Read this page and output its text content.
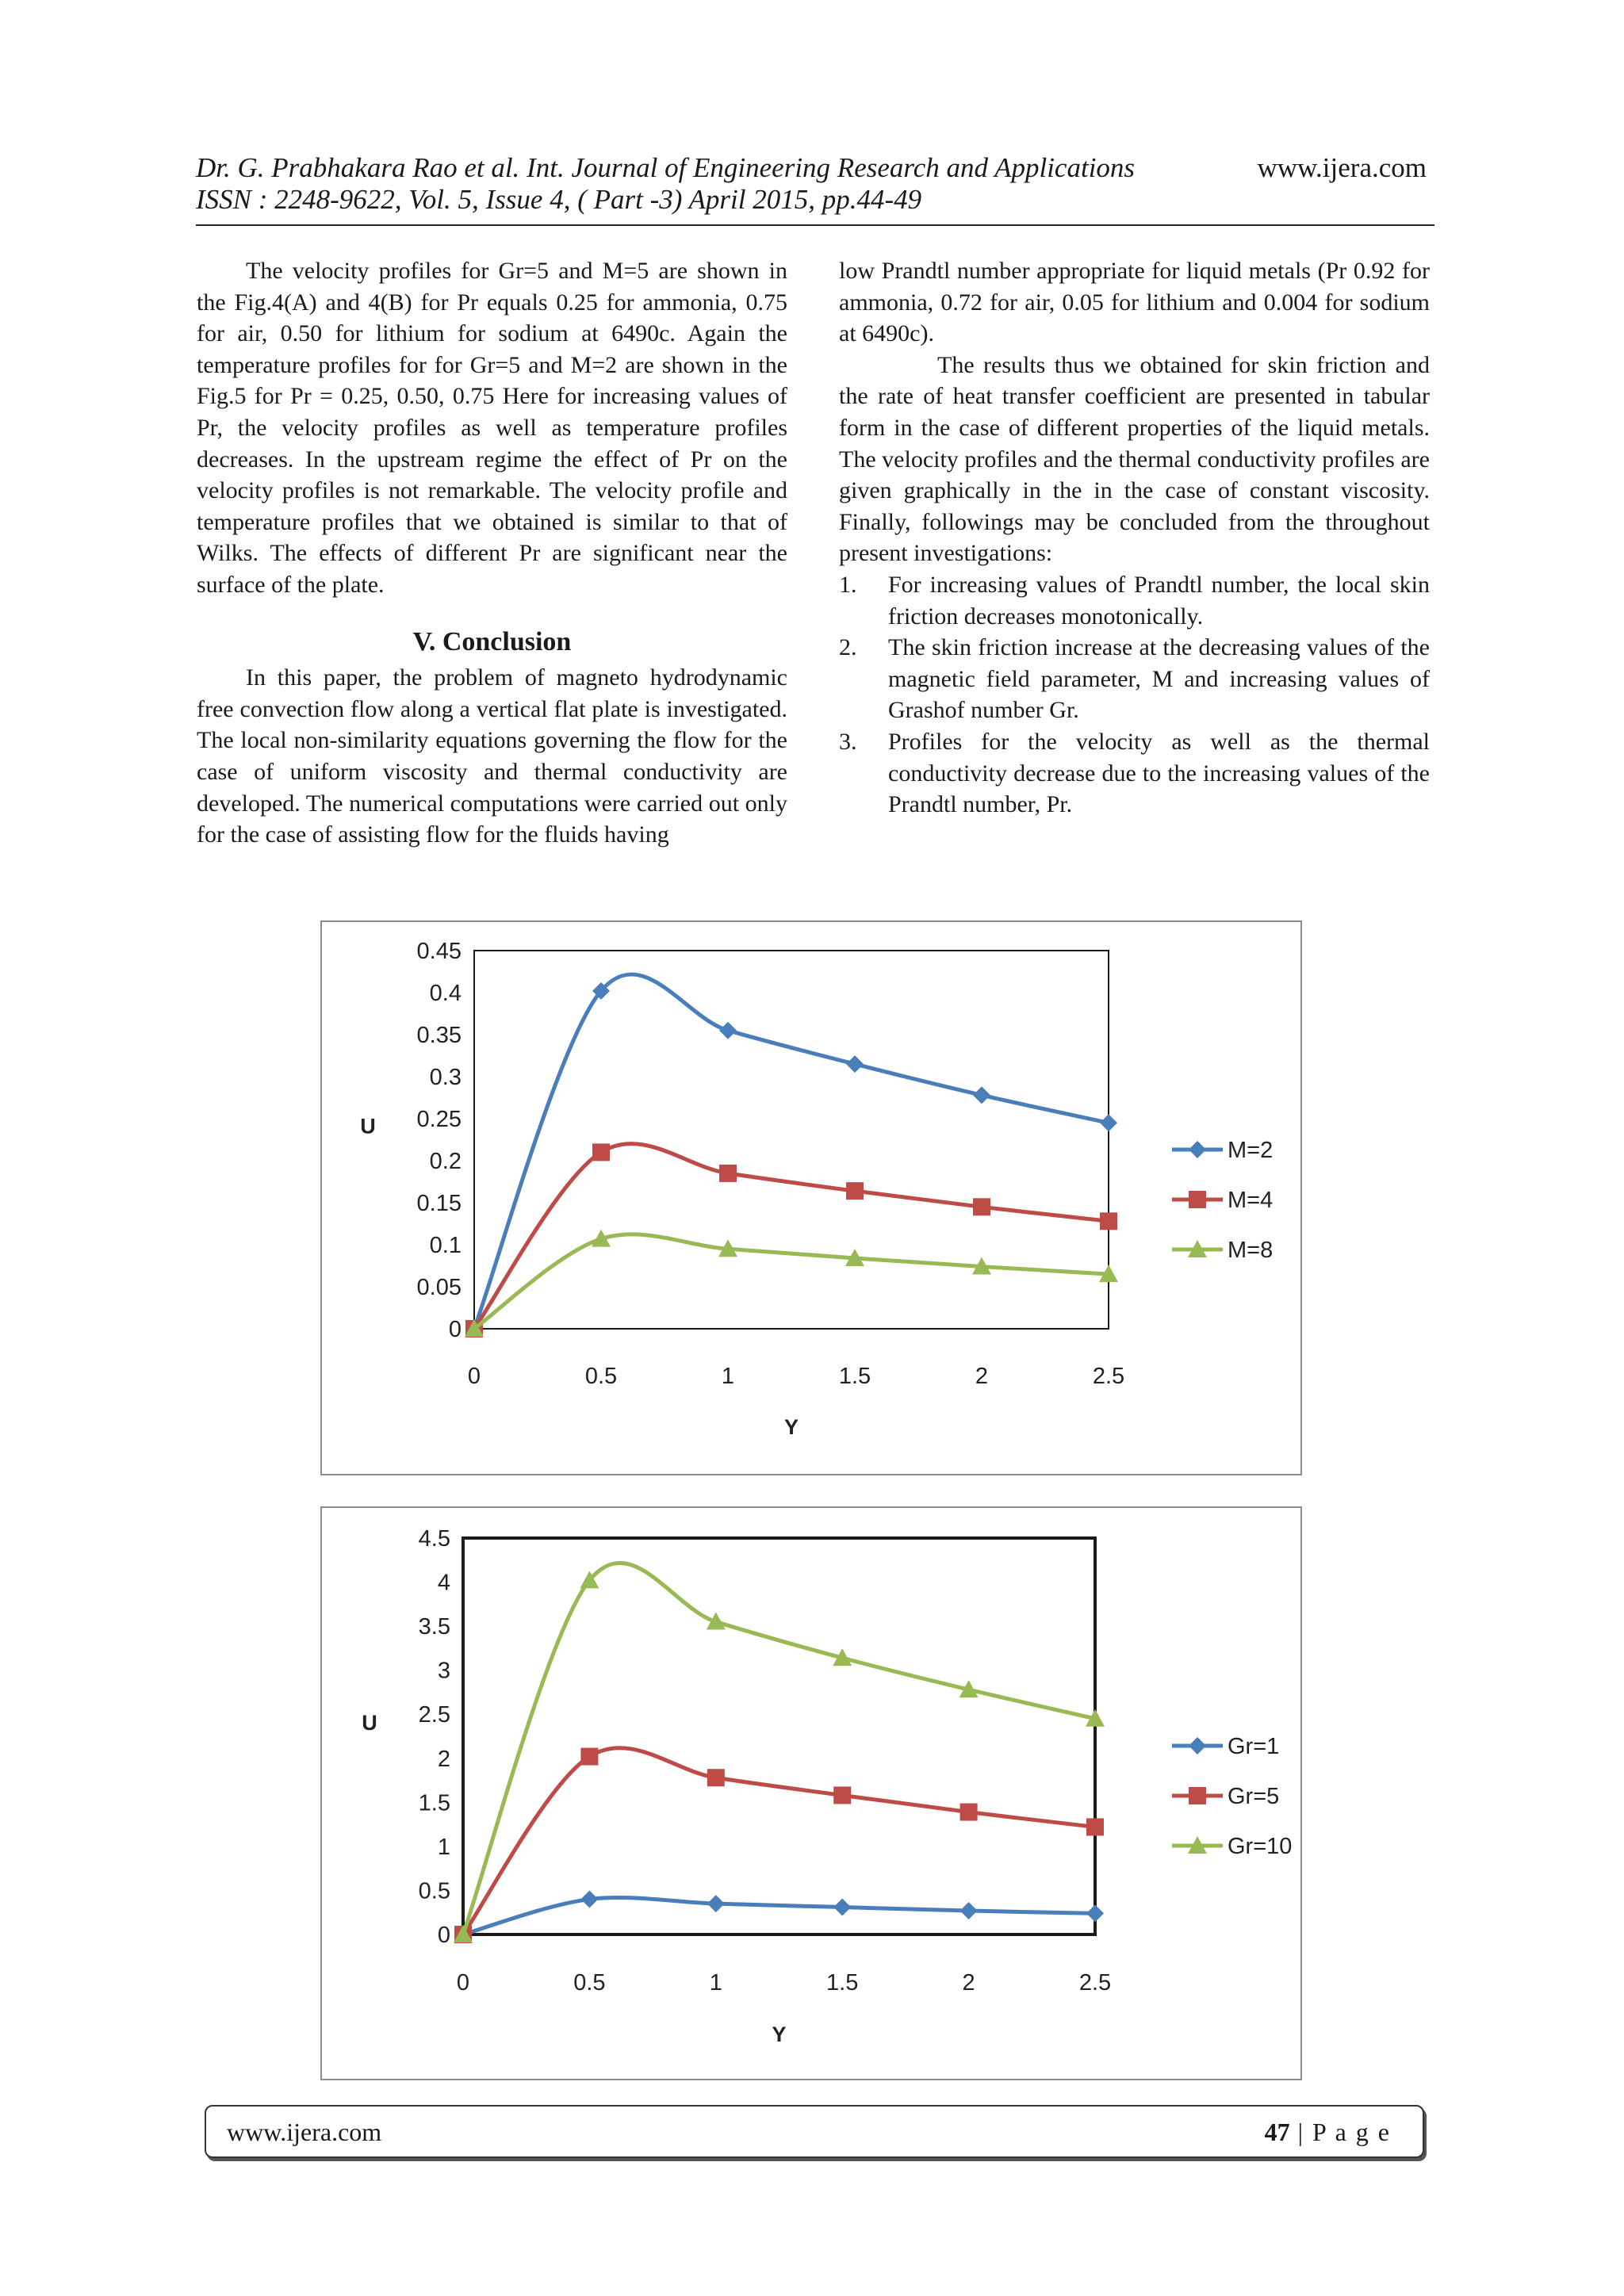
Dr. G. Prabhakara Rao et al. Int. Journal of Engineering Research and Applications	www.ijera.com
ISSN : 2248-9622, Vol. 5, Issue 4, ( Part -3) April 2015, pp.44-49

The velocity profiles for Gr=5 and M=5 are shown in the Fig.4(A) and 4(B) for Pr equals 0.25 for ammonia, 0.75 for air, 0.50 for lithium for sodium at 6490c. Again the temperature profiles for for Gr=5 and M=2 are shown in the Fig.5 for Pr = 0.25, 0.50, 0.75 Here for increasing values of Pr, the velocity profiles as well as temperature profiles decreases. In the upstream regime the effect of Pr on the velocity profiles is not remarkable. The velocity profile and temperature profiles that we obtained is similar to that of Wilks. The effects of different Pr are significant near the surface of the plate.

V. Conclusion

In this paper, the problem of magneto hydrodynamic free convection flow along a vertical flat plate is investigated. The local non-similarity equations governing the flow for the case of uniform viscosity and thermal conductivity are developed. The numerical computations were carried out only for the case of assisting flow for the fluids having

low Prandtl number appropriate for liquid metals (Pr 0.92 for ammonia, 0.72 for air, 0.05 for lithium and 0.004 for sodium at 6490c).

The results thus we obtained for skin friction and the rate of heat transfer coefficient are presented in tabular form in the case of different properties of the liquid metals. The velocity profiles and the thermal conductivity profiles are given graphically in the in the case of constant viscosity. Finally, followings may be concluded from the throughout present investigations:

1. For increasing values of Prandtl number, the local skin friction decreases monotonically.
2. The skin friction increase at the decreasing values of the magnetic field parameter, M and increasing values of Grashof number Gr.
3. Profiles for the velocity as well as the thermal conductivity decrease due to the increasing values of the Prandtl number, Pr.
0
0.05
0.1
0.15
0.2
0.25
0.3
0.35
0.4
0.45
0	0.5	1	1.5	2	2.5
Y
U
M=2
M=4
M=8
0
0.5
1
1.5
2
2.5
3
3.5
4
4.5
0	0.5	1	1.5	2	2.5
Y
U
Gr=1
Gr=5
Gr=10
www.ijera.com	47 | P a g e
